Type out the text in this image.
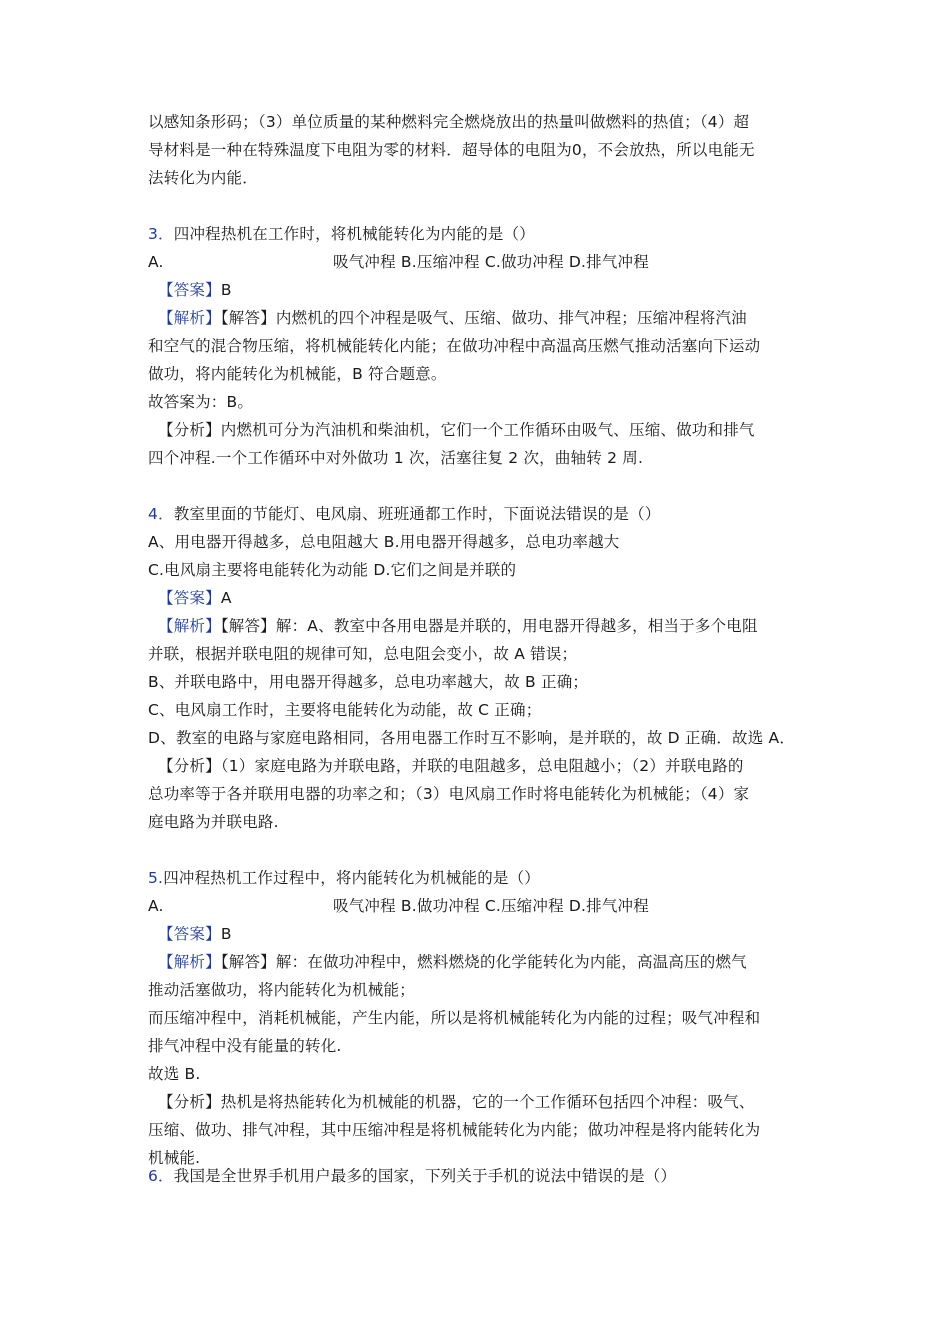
以感知条形码；（3）单位质量的某种燃料完全燃烧放出的热量叫做燃料的热值；（4）超
导材料是一种在特殊温度下电阻为零的材料．超导体的电阻为0，不会放热，所以电能无
法转化为内能．
3．四冲程热机在工作时，将机械能转化为内能的是（）
A.	吸气冲程 B.压缩冲程 C.做功冲程 D.排气冲程
【答案】B
【解析】【解答】内燃机的四个冲程是吸气、压缩、做功、排气冲程；压缩冲程将汽油
和空气的混合物压缩，将机械能转化内能；在做功冲程中高温高压燃气推动活塞向下运动
做功，将内能转化为机械能，B 符合题意。
故答案为：B。
【分析】内燃机可分为汽油机和柴油机，它们一个工作循环由吸气、压缩、做功和排气
四个冲程.一个工作循环中对外做功 1 次，活塞往复 2 次，曲轴转 2 周.
4．教室里面的节能灯、电风扇、班班通都工作时，下面说法错误的是（）
A、用电器开得越多，总电阻越大 B.用电器开得越多，总电功率越大
C.电风扇主要将电能转化为动能 D.它们之间是并联的
【答案】A
【解析】【解答】解：A、教室中各用电器是并联的，用电器开得越多，相当于多个电阻
并联，根据并联电阻的规律可知，总电阻会变小，故 A 错误；
B、并联电路中，用电器开得越多，总电功率越大，故 B 正确；
C、电风扇工作时，主要将电能转化为动能，故 C 正确；
D、教室的电路与家庭电路相同，各用电器工作时互不影响，是并联的，故 D 正确．故选 A．
【分析】（1）家庭电路为并联电路，并联的电阻越多，总电阻越小；（2）并联电路的
总功率等于各并联用电器的功率之和；（3）电风扇工作时将电能转化为机械能；（4）家
庭电路为并联电路.
5.四冲程热机工作过程中，将内能转化为机械能的是（）
A.	吸气冲程 B.做功冲程 C.压缩冲程 D.排气冲程
【答案】B
【解析】【解答】解：在做功冲程中，燃料燃烧的化学能转化为内能，高温高压的燃气
推动活塞做功，将内能转化为机械能；
而压缩冲程中，消耗机械能，产生内能，所以是将机械能转化为内能的过程；吸气冲程和
排气冲程中没有能量的转化.
故选 B.
【分析】热机是将热能转化为机械能的机器，它的一个工作循环包括四个冲程：吸气、
压缩、做功、排气冲程，其中压缩冲程是将机械能转化为内能；做功冲程是将内能转化为
机械能.
6．我国是全世界手机用户最多的国家，下列关于手机的说法中错误的是（）
